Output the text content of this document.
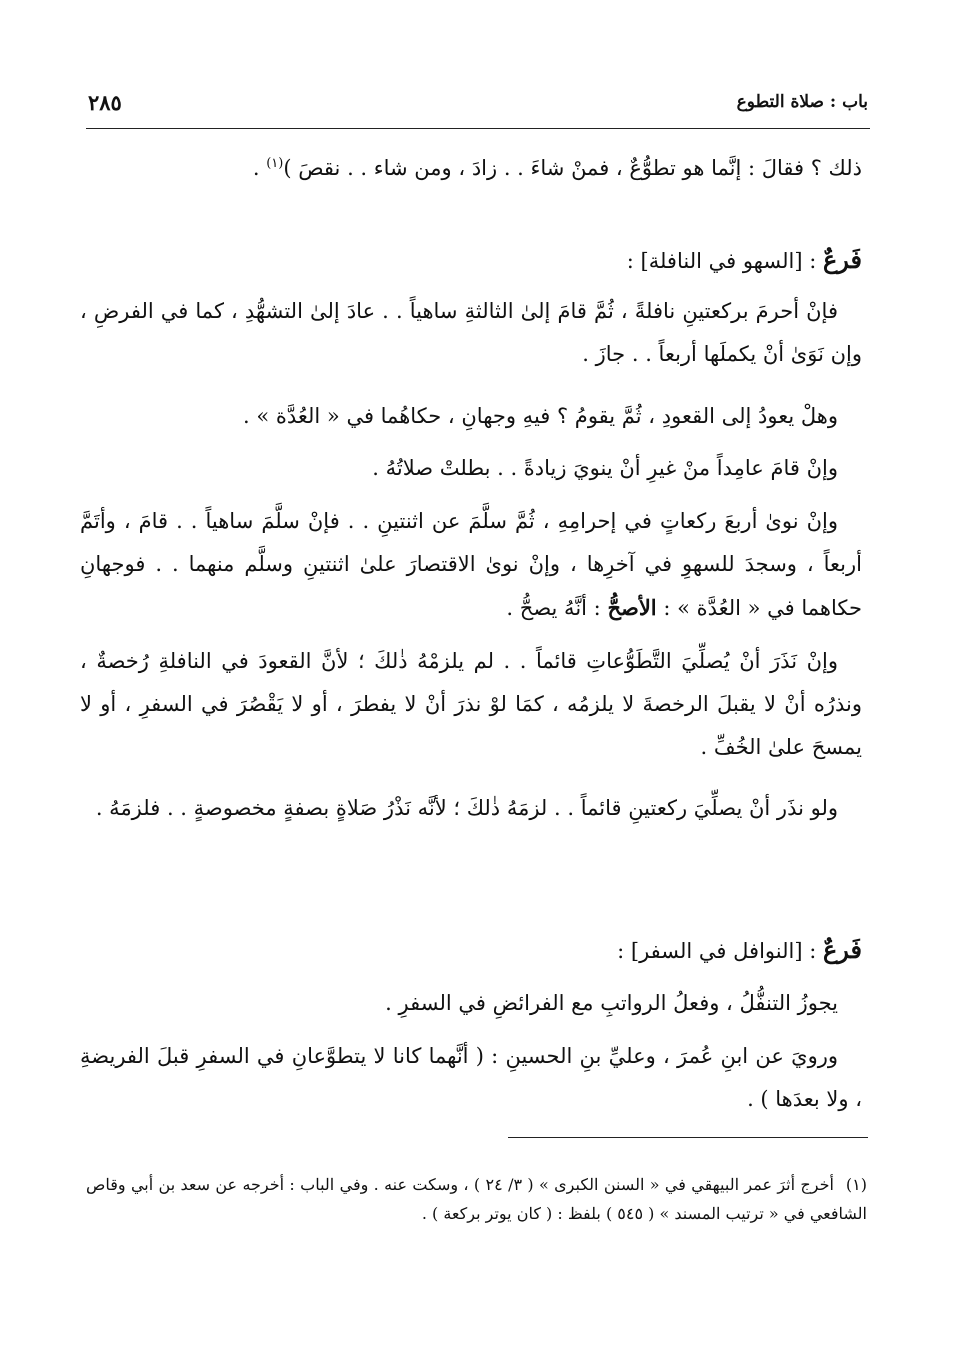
باب : صلاة التطوع
٢٨٥
ذلك ؟ فقالَ : إنَّما هو تطوُّعٌ ، فمنْ شاءَ . . زادَ ، ومن شاء . . نقصَ )$^{(١)}$ .
فَرعٌ : [السهو في النافلة] :
فإنْ أحرمَ بركعتينِ نافلةً ، ثُمَّ قامَ إلىٰ الثالثةِ ساهياً . . عادَ إلىٰ التشهُّدِ ، كما في الفرضِ ، وإن نَوَىٰ أنْ يكملَها أربعاً . . جازَ .
وهلْ يعودُ إلى القعودِ ، ثُمَّ يقومُ ؟ فيهِ وجهانِ ، حكاهُما في « العُدَّة » .
وإنْ قامَ عامِداً منْ غيرِ أنْ ينويَ زيادةً . . بطلتْ صلاتُهُ .
وإنْ نوىٰ أربعَ ركعاتٍ في إحرامِهِ ، ثُمَّ سلَّمَ عن اثنتينِ . . فإنْ سلَّمَ ساهياً . . قامَ ، وأتَمَّ أربعاً ، وسجدَ للسهوِ في آخرِها ، وإنْ نوىٰ الاقتصارَ علىٰ اثنتينِ وسلَّم منهما . . فوجهانِ حكاهما في « العُدَّة » : الأصحُّ : أنَّهُ يصحُّ .
وإنْ نَذَرَ أنْ يُصلِّيَ التَّطَوُّعاتِ قائماً . . لم يلزمْهُ ذٰلكَ ؛ لأنَّ القعودَ في النافلةِ رُخصةٌ ، ونذرُه أنْ لا يقبلَ الرخصةَ لا يلزمُه ، كمَا لوْ نذرَ أنْ لا يفطرَ ، أو لا يَقْصُرَ في السفرِ ، أو لا يمسحَ علىٰ الخُفِّ .
ولو نذَر أنْ يصلِّيَ ركعتينِ قائماً . . لزمَهُ ذٰلكَ ؛ لأنَّه نَذْرُ صَلاةٍ بصفةٍ مخصوصةٍ . . فلزمَهُ .
فَرعٌ : [النوافل في السفر] :
يجوزُ التنفُّلُ ، وفعلُ الرواتبِ مع الفرائضِ في السفرِ .
ورويَ عن ابنِ عُمرَ ، وعليِّ بنِ الحسينِ : ( أنَّهما كانا لا يتطوَّعانِ في السفرِ قبلَ الفريضةِ ، ولا بعدَها ) .
(١)أخرج أثرَ عمر البيهقي في « السنن الكبرى » ( ٣/ ٢٤ ) ، وسكت عنه . وفي الباب : أخرجه عن سعد بن أبي وقاص الشافعي في « ترتيب المسند » ( ٥٤٥ ) بلفظ : ( كان يوتر بركعة ) .
